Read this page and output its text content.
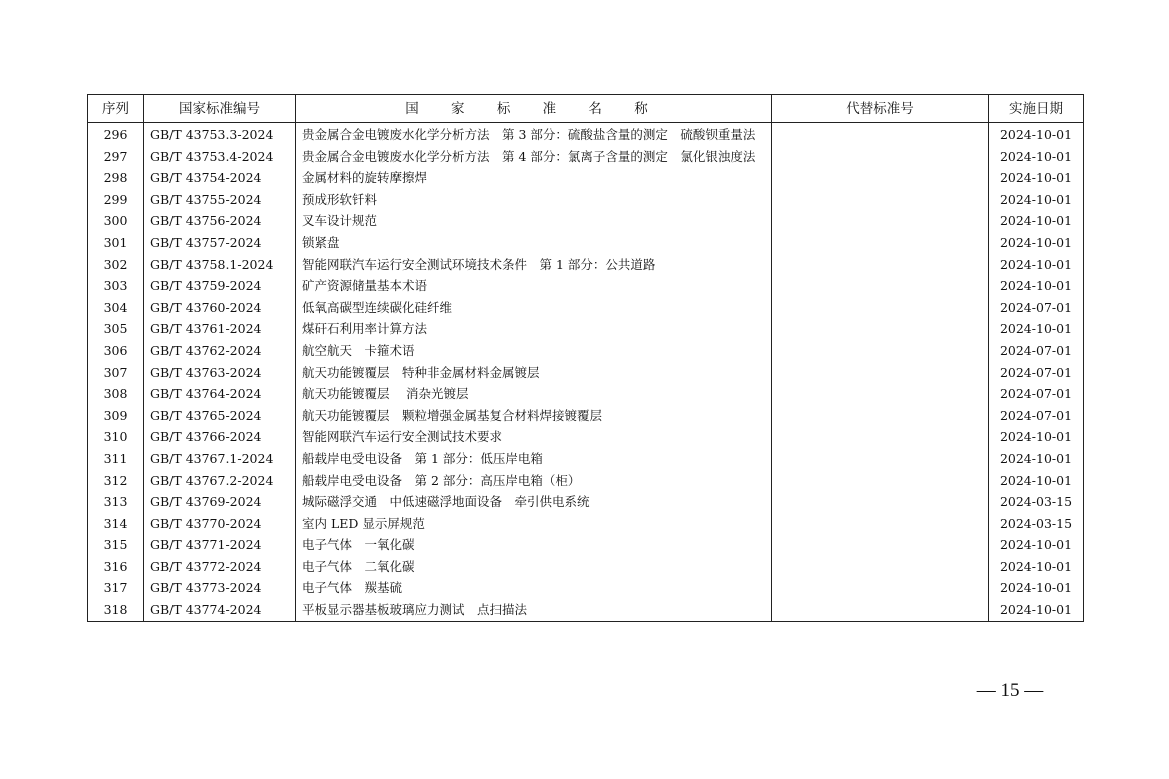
序列	国家标准编号	国 家 标 准 名 称	代替标准号	实施日期
296	GB/T 43753.3-2024	贵金属合金电镀废水化学分析方法　第 3 部分：硫酸盐含量的测定　硫酸钡重量法		2024-10-01
297	GB/T 43753.4-2024	贵金属合金电镀废水化学分析方法　第 4 部分：氯离子含量的测定　氯化银浊度法		2024-10-01
298	GB/T 43754-2024	金属材料的旋转摩擦焊		2024-10-01
299	GB/T 43755-2024	预成形软钎料		2024-10-01
300	GB/T 43756-2024	叉车设计规范		2024-10-01
301	GB/T 43757-2024	锁紧盘		2024-10-01
302	GB/T 43758.1-2024	智能网联汽车运行安全测试环境技术条件　第 1 部分：公共道路		2024-10-01
303	GB/T 43759-2024	矿产资源储量基本术语		2024-10-01
304	GB/T 43760-2024	低氧高碳型连续碳化硅纤维		2024-07-01
305	GB/T 43761-2024	煤矸石利用率计算方法		2024-10-01
306	GB/T 43762-2024	航空航天　卡箍术语		2024-07-01
307	GB/T 43763-2024	航天功能镀覆层　特种非金属材料金属镀层		2024-07-01
308	GB/T 43764-2024	航天功能镀覆层　 消杂光镀层		2024-07-01
309	GB/T 43765-2024	航天功能镀覆层　颗粒增强金属基复合材料焊接镀覆层		2024-07-01
310	GB/T 43766-2024	智能网联汽车运行安全测试技术要求		2024-10-01
311	GB/T 43767.1-2024	船载岸电受电设备　第 1 部分：低压岸电箱		2024-10-01
312	GB/T 43767.2-2024	船载岸电受电设备　第 2 部分：高压岸电箱（柜）		2024-10-01
313	GB/T 43769-2024	城际磁浮交通　中低速磁浮地面设备　牵引供电系统		2024-03-15
314	GB/T 43770-2024	室内 LED 显示屏规范		2024-03-15
315	GB/T 43771-2024	电子气体　一氧化碳		2024-10-01
316	GB/T 43772-2024	电子气体　二氧化碳		2024-10-01
317	GB/T 43773-2024	电子气体　羰基硫		2024-10-01
318	GB/T 43774-2024	平板显示器基板玻璃应力测试　点扫描法		2024-10-01
— 15 —
